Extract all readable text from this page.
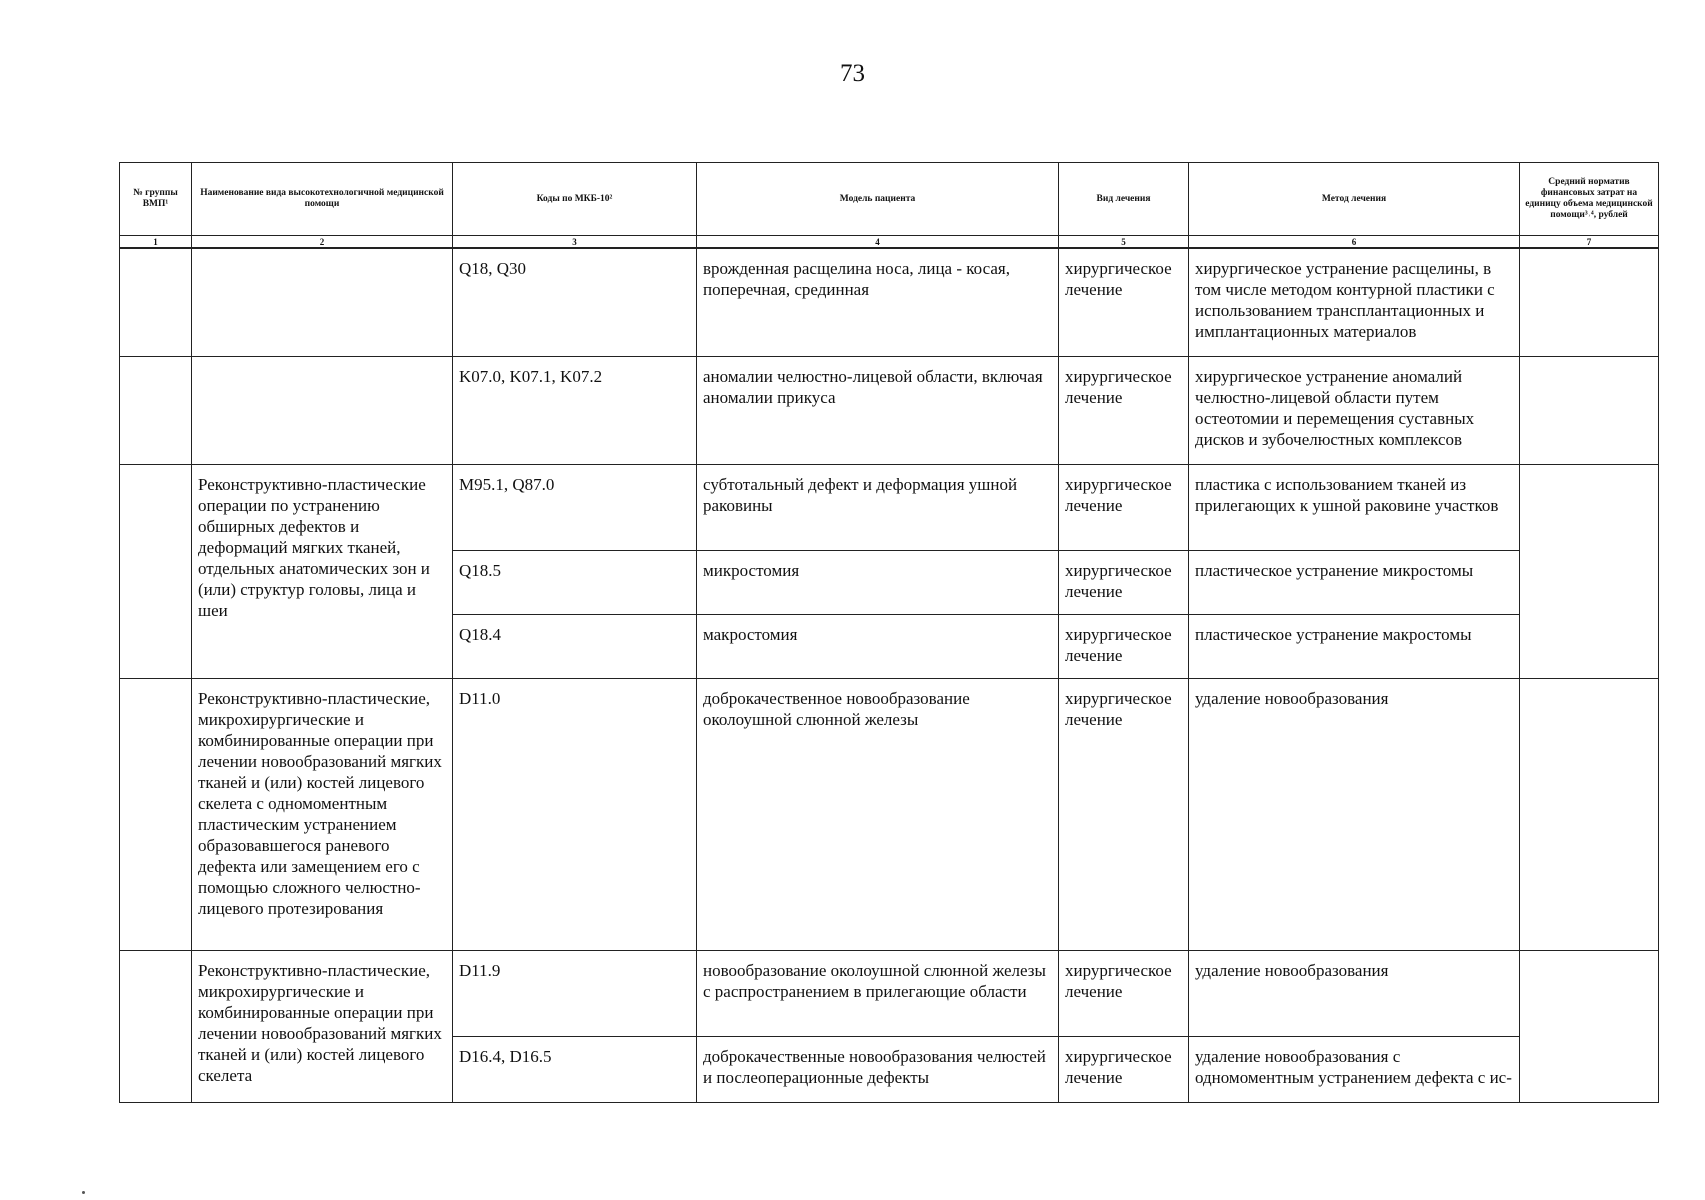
73
№ группы ВМП¹	Наименование вида высокотехнологичной медицинской помощи	Коды по МКБ-10²	Модель пациента	Вид лечения	Метод лечения	Средний норматив финансовых затрат на единицу объема медицинской помощи³˒⁴, рублей
1	2	3	4	5	6	7
		Q18, Q30	врожденная расщелина носа, лица - косая, поперечная, срединная	хирургическое лечение	хирургическое устранение расщелины, в том числе методом контурной пластики с использованием трансплантационных и имплантационных материалов	
		K07.0, K07.1, K07.2	аномалии челюстно-лицевой области, включая аномалии прикуса	хирургическое лечение	хирургическое устранение аномалий челюстно-лицевой области путем остеотомии и перемещения суставных дисков и зубочелюстных комплексов	
	Реконструктивно-пластические операции по устранению обширных дефектов и деформаций мягких тканей, отдельных анатомических зон и (или) структур головы, лица и шеи	M95.1, Q87.0	субтотальный дефект и деформация ушной раковины	хирургическое лечение	пластика с использованием тканей из прилегающих к ушной раковине участков	
		Q18.5	микростомия	хирургическое лечение	пластическое устранение микростомы	
		Q18.4	макростомия	хирургическое лечение	пластическое устранение макростомы	
	Реконструктивно-пластические, микрохирургические и комбинированные операции при лечении новообразований мягких тканей и (или) костей лицевого скелета с одномоментным пластическим устранением образовавшегося раневого дефекта или замещением его с помощью сложного челюстно-лицевого протезирования	D11.0	доброкачественное новообразование околоушной слюнной железы	хирургическое лечение	удаление новообразования	
	Реконструктивно-пластические, микрохирургические и комбинированные операции при лечении новообразований мягких тканей и (или) костей лицевого скелета	D11.9	новообразование околоушной слюнной железы с распространением в прилегающие области	хирургическое лечение	удаление новообразования	
		D16.4, D16.5	доброкачественные новообразования челюстей и послеоперационные дефекты	хирургическое лечение	удаление новообразования с одномоментным устранением дефекта с ис-	
